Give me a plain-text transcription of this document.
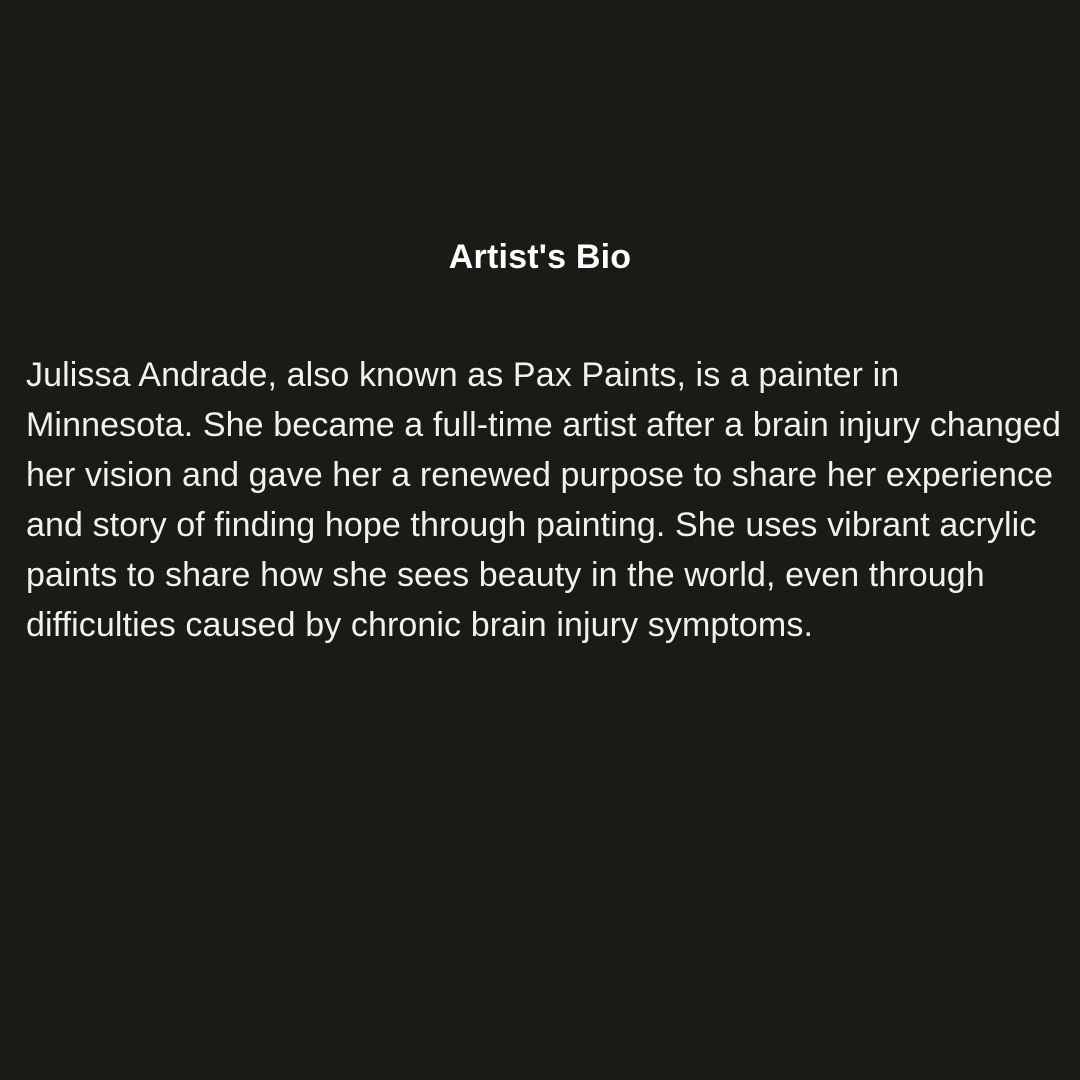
Artist's Bio
Julissa Andrade, also known as Pax Paints, is a painter in Minnesota. She became a full-time artist after a brain injury changed her vision and gave her a renewed purpose to share her experience and story of finding hope through painting. She uses vibrant acrylic paints to share how she sees beauty in the world, even through difficulties caused by chronic brain injury symptoms.
